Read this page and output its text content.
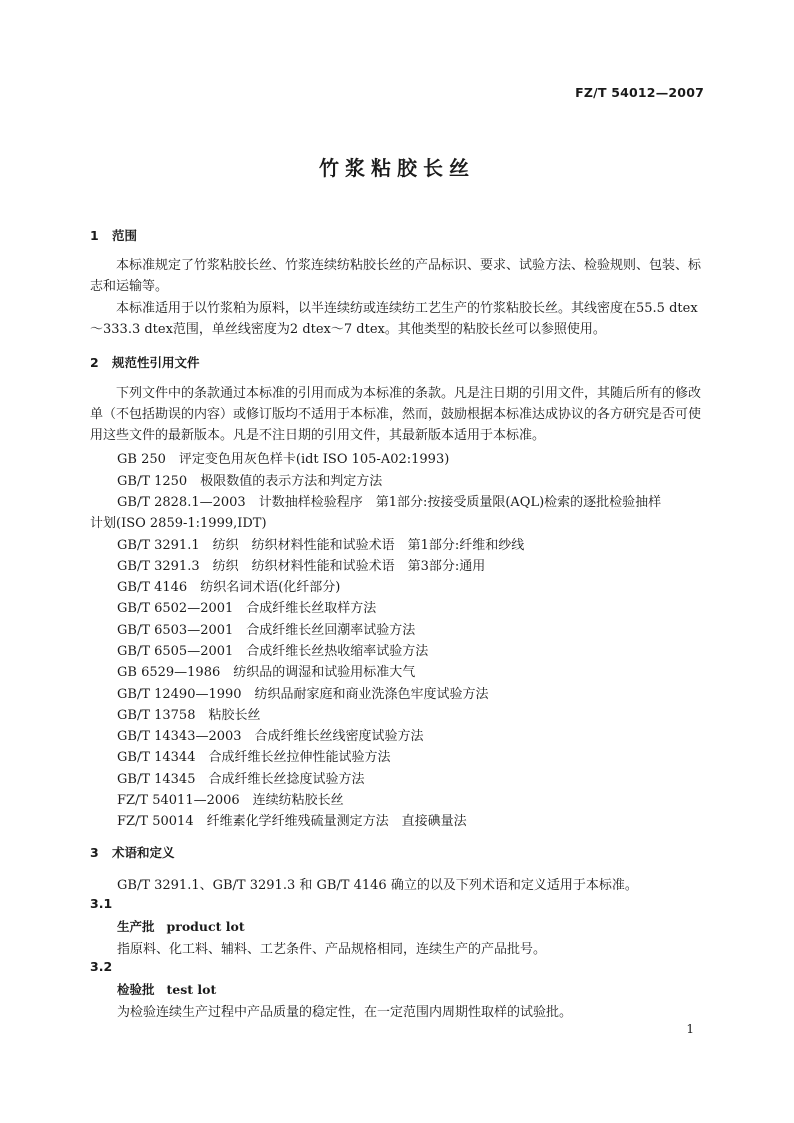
FZ/T 54012—2007
竹浆粘胶长丝
1 范围
本标准规定了竹浆粘胶长丝、竹浆连续纺粘胶长丝的产品标识、要求、试验方法、检验规则、包装、标志和运输等。
本标准适用于以竹浆粕为原料，以半连续纺或连续纺工艺生产的竹浆粘胶长丝。其线密度在55.5 dtex～333.3 dtex范围，单丝线密度为2 dtex～7 dtex。其他类型的粘胶长丝可以参照使用。
2 规范性引用文件
下列文件中的条款通过本标准的引用而成为本标准的条款。凡是注日期的引用文件，其随后所有的修改单（不包括勘误的内容）或修订版均不适用于本标准，然而，鼓励根据本标准达成协议的各方研究是否可使用这些文件的最新版本。凡是不注日期的引用文件，其最新版本适用于本标准。
GB 250　评定变色用灰色样卡(idt ISO 105-A02:1993)
GB/T 1250　极限数值的表示方法和判定方法
GB/T 2828.1—2003　计数抽样检验程序　第1部分:按接受质量限(AQL)检索的逐批检验抽样
计划(ISO 2859-1:1999,IDT)
GB/T 3291.1　纺织　纺织材料性能和试验术语　第1部分:纤维和纱线
GB/T 3291.3　纺织　纺织材料性能和试验术语　第3部分:通用
GB/T 4146　纺织名词术语(化纤部分)
GB/T 6502—2001　合成纤维长丝取样方法
GB/T 6503—2001　合成纤维长丝回潮率试验方法
GB/T 6505—2001　合成纤维长丝热收缩率试验方法
GB 6529—1986　纺织品的调湿和试验用标准大气
GB/T 12490—1990　纺织品耐家庭和商业洗涤色牢度试验方法
GB/T 13758　粘胶长丝
GB/T 14343—2003　合成纤维长丝线密度试验方法
GB/T 14344　合成纤维长丝拉伸性能试验方法
GB/T 14345　合成纤维长丝捻度试验方法
FZ/T 54011—2006　连续纺粘胶长丝
FZ/T 50014　纤维素化学纤维残硫量测定方法　直接碘量法
3 术语和定义
GB/T 3291.1、GB/T 3291.3 和 GB/T 4146 确立的以及下列术语和定义适用于本标准。
3.1
生产批 product lot
指原料、化工料、辅料、工艺条件、产品规格相同，连续生产的产品批号。
3.2
检验批 test lot
为检验连续生产过程中产品质量的稳定性，在一定范围内周期性取样的试验批。
1
